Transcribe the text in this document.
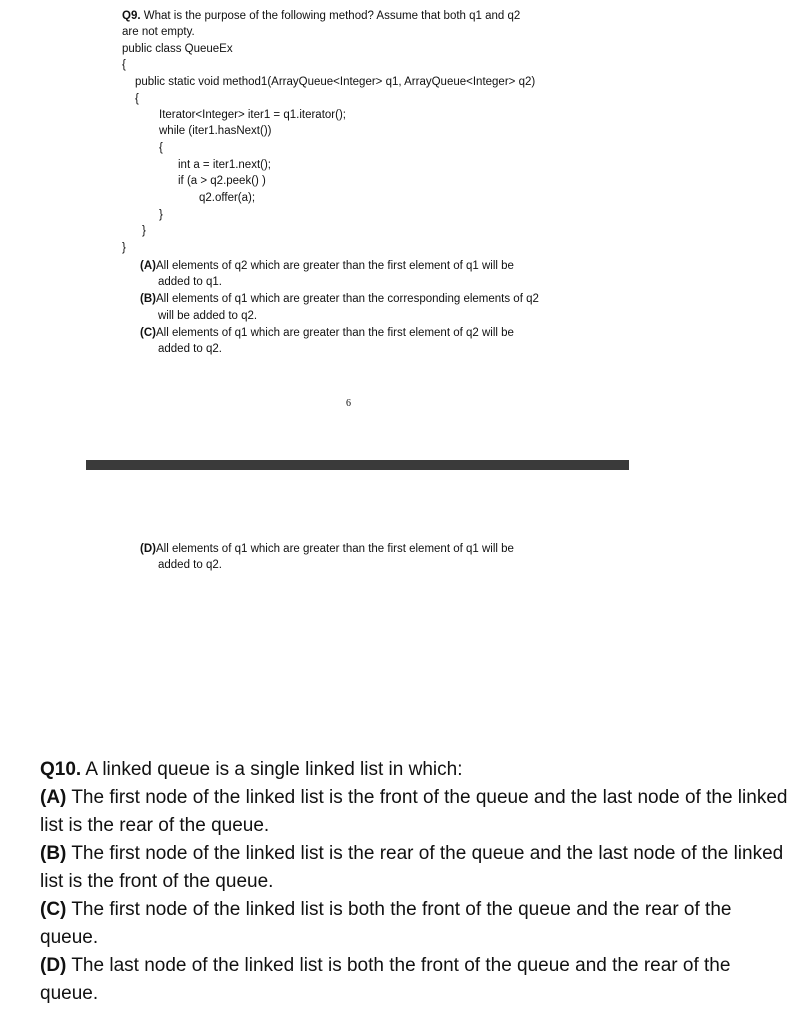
Q9. What is the purpose of the following method? Assume that both q1 and q2
are not empty.
public class QueueEx
{
public static void method1(ArrayQueue<Integer> q1, ArrayQueue<Integer> q2)
{
Iterator<Integer> iter1 = q1.iterator();
while (iter1.hasNext())
{
int a = iter1.next();
if (a > q2.peek() )
q2.offer(a);
}
}
}
(A)All elements of q2 which are greater than the first element of q1 will be
added to q1.
(B)All elements of q1 which are greater than the corresponding elements of q2
will be added to q2.
(C)All elements of q1 which are greater than the first element of q2 will be
added to q2.
6
(D)All elements of q1 which are greater than the first element of q1 will be
added to q2.

Q10. A linked queue is a single linked list in which:

(A) The first node of the linked list is the front of the queue and the last node of the linked list is the rear of the queue.

(B) The first node of the linked list is the rear of the queue and the last node of the linked list is the front of the queue.

(C) The first node of the linked list is both the front of the queue and the rear of the queue.

(D) The last node of the linked list is both the front of the queue and the rear of the queue.
